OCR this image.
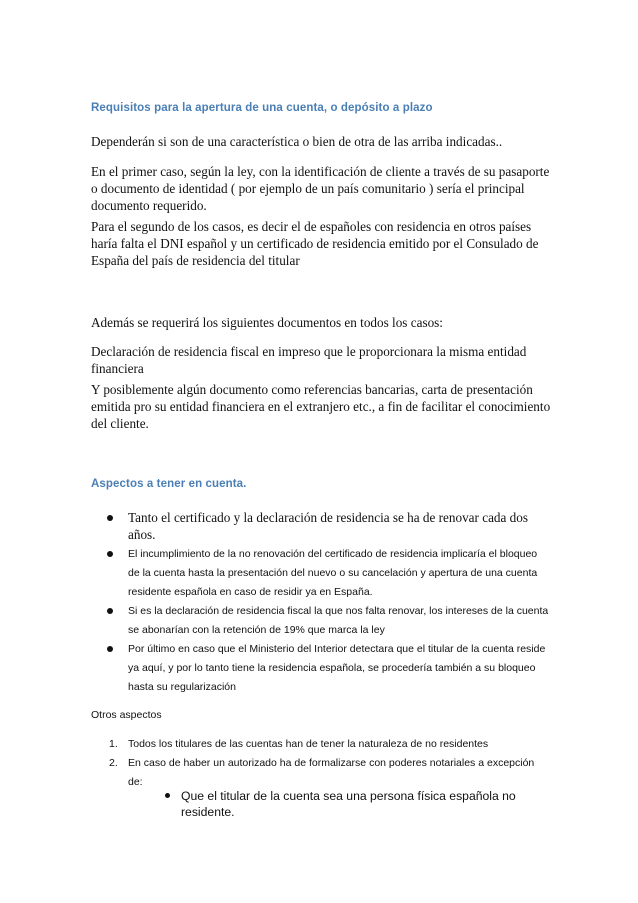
Requisitos para la apertura de una cuenta, o depósito a plazo

Dependerán si son de una característica o bien de otra de las arriba indicadas..

En el primer caso, según la ley, con la identificación de cliente a través de su pasaporte o documento de identidad ( por ejemplo de un país comunitario ) sería el principal documento requerido.

Para el segundo de los casos, es decir el de españoles con residencia en otros países haría falta el DNI español y un certificado de residencia emitido por el Consulado de España del país de residencia del titular

Además se requerirá los siguientes documentos en todos los casos:

Declaración de residencia fiscal en impreso que le proporcionara la misma entidad financiera

Y posiblemente algún documento como referencias bancarias, carta de presentación emitida pro su entidad financiera en el extranjero etc., a fin de facilitar el conocimiento del cliente.

Aspectos a tener en cuenta.
Tanto el certificado y la declaración de residencia se ha de renovar cada dos años.
El incumplimiento de la no renovación del certificado de residencia implicaría el bloqueo de la cuenta hasta la presentación del nuevo o su cancelación y apertura de una cuenta residente española en caso de residir ya en España.
Si es la declaración de residencia fiscal la que nos falta renovar, los intereses de la cuenta se abonarían con la retención de 19% que marca la ley
Por último en caso que el Ministerio del Interior detectara que el titular de la cuenta reside ya aquí, y por lo tanto tiene la residencia española, se procedería también a su bloqueo hasta su regularización

Otros aspectos

1. Todos los titulares de las cuentas han de tener la naturaleza de no residentes
2. En caso de haber un autorizado ha de formalizarse con poderes notariales a excepción de:

Que el titular de la cuenta sea una persona física española no residente.
